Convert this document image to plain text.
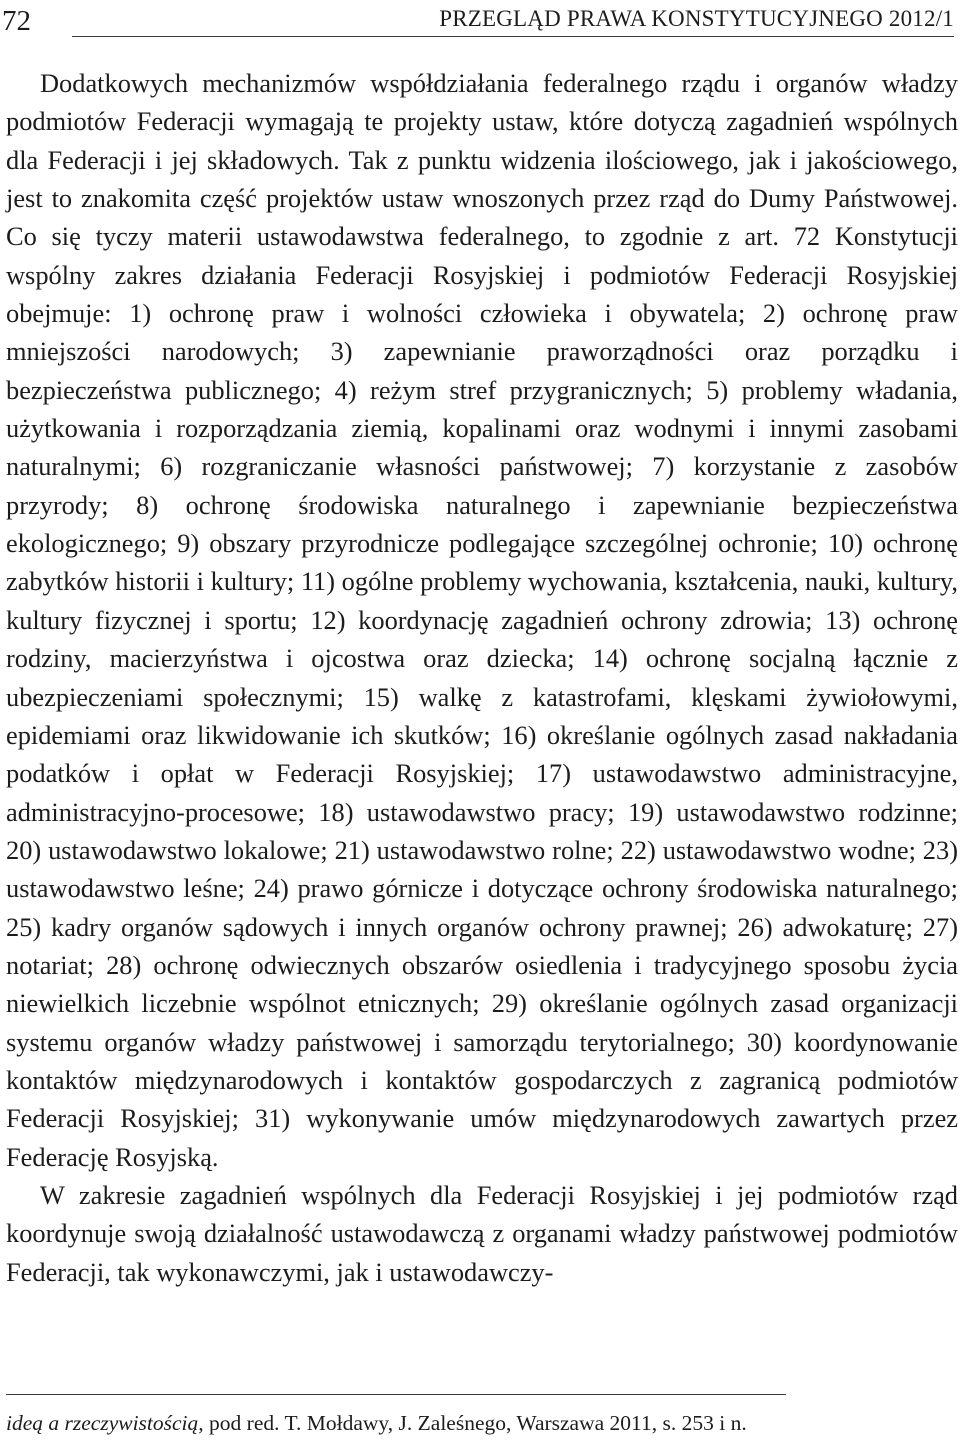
72	PRZEGLĄD PRAWA KONSTYTUCYJNEGO 2012/1

Dodatkowych mechanizmów współdziałania federalnego rządu i organów władzy podmiotów Federacji wymagają te projekty ustaw, które dotyczą zagadnień wspólnych dla Federacji i jej składowych. Tak z punktu widzenia ilościowego, jak i jakościowego, jest to znakomita część projektów ustaw wnoszonych przez rząd do Dumy Państwowej. Co się tyczy materii ustawodawstwa federalnego, to zgodnie z art. 72 Konstytucji wspólny zakres działania Federacji Rosyjskiej i podmiotów Federacji Rosyjskiej obejmuje: 1) ochronę praw i wolności człowieka i obywatela; 2) ochronę praw mniejszości narodowych; 3) zapewnianie praworządności oraz porządku i bezpieczeństwa publicznego; 4) reżym stref przygranicznych; 5) problemy władania, użytkowania i rozporządzania ziemią, kopalinami oraz wodnymi i innymi zasobami naturalnymi; 6) rozgraniczanie własności państwowej; 7) korzystanie z zasobów przyrody; 8) ochronę środowiska naturalnego i zapewnianie bezpieczeństwa ekologicznego; 9) obszary przyrodnicze podlegające szczególnej ochronie; 10) ochronę zabytków historii i kultury; 11) ogólne problemy wychowania, kształcenia, nauki, kultury, kultury fizycznej i sportu; 12) koordynację zagadnień ochrony zdrowia; 13) ochronę rodziny, macierzyństwa i ojcostwa oraz dziecka; 14) ochronę socjalną łącznie z ubezpieczeniami społecznymi; 15) walkę z katastrofami, klęskami żywiołowymi, epidemiami oraz likwidowanie ich skutków; 16) określanie ogólnych zasad nakładania podatków i opłat w Federacji Rosyjskiej; 17) ustawodawstwo administracyjne, administracyjno-procesowe; 18) ustawodawstwo pracy; 19) ustawodawstwo rodzinne; 20) ustawodawstwo lokalowe; 21) ustawodawstwo rolne; 22) ustawodawstwo wodne; 23) ustawodawstwo leśne; 24) prawo górnicze i dotyczące ochrony środowiska naturalnego; 25) kadry organów sądowych i innych organów ochrony prawnej; 26) adwokaturę; 27) notariat; 28) ochronę odwiecznych obszarów osiedlenia i tradycyjnego sposobu życia niewielkich liczebnie wspólnot etnicznych; 29) określanie ogólnych zasad organizacji systemu organów władzy państwowej i samorządu terytorialnego; 30) koordynowanie kontaktów międzynarodowych i kontaktów gospodarczych z zagranicą podmiotów Federacji Rosyjskiej; 31) wykonywanie umów międzynarodowych zawartych przez Federację Rosyjską.

W zakresie zagadnień wspólnych dla Federacji Rosyjskiej i jej podmiotów rząd koordynuje swoją działalność ustawodawczą z organami władzy państwowej podmiotów Federacji, tak wykonawczymi, jak i ustawodawczy-

ideą a rzeczywistością, pod red. T. Mołdawy, J. Zaleśnego, Warszawa 2011, s. 253 i n.
